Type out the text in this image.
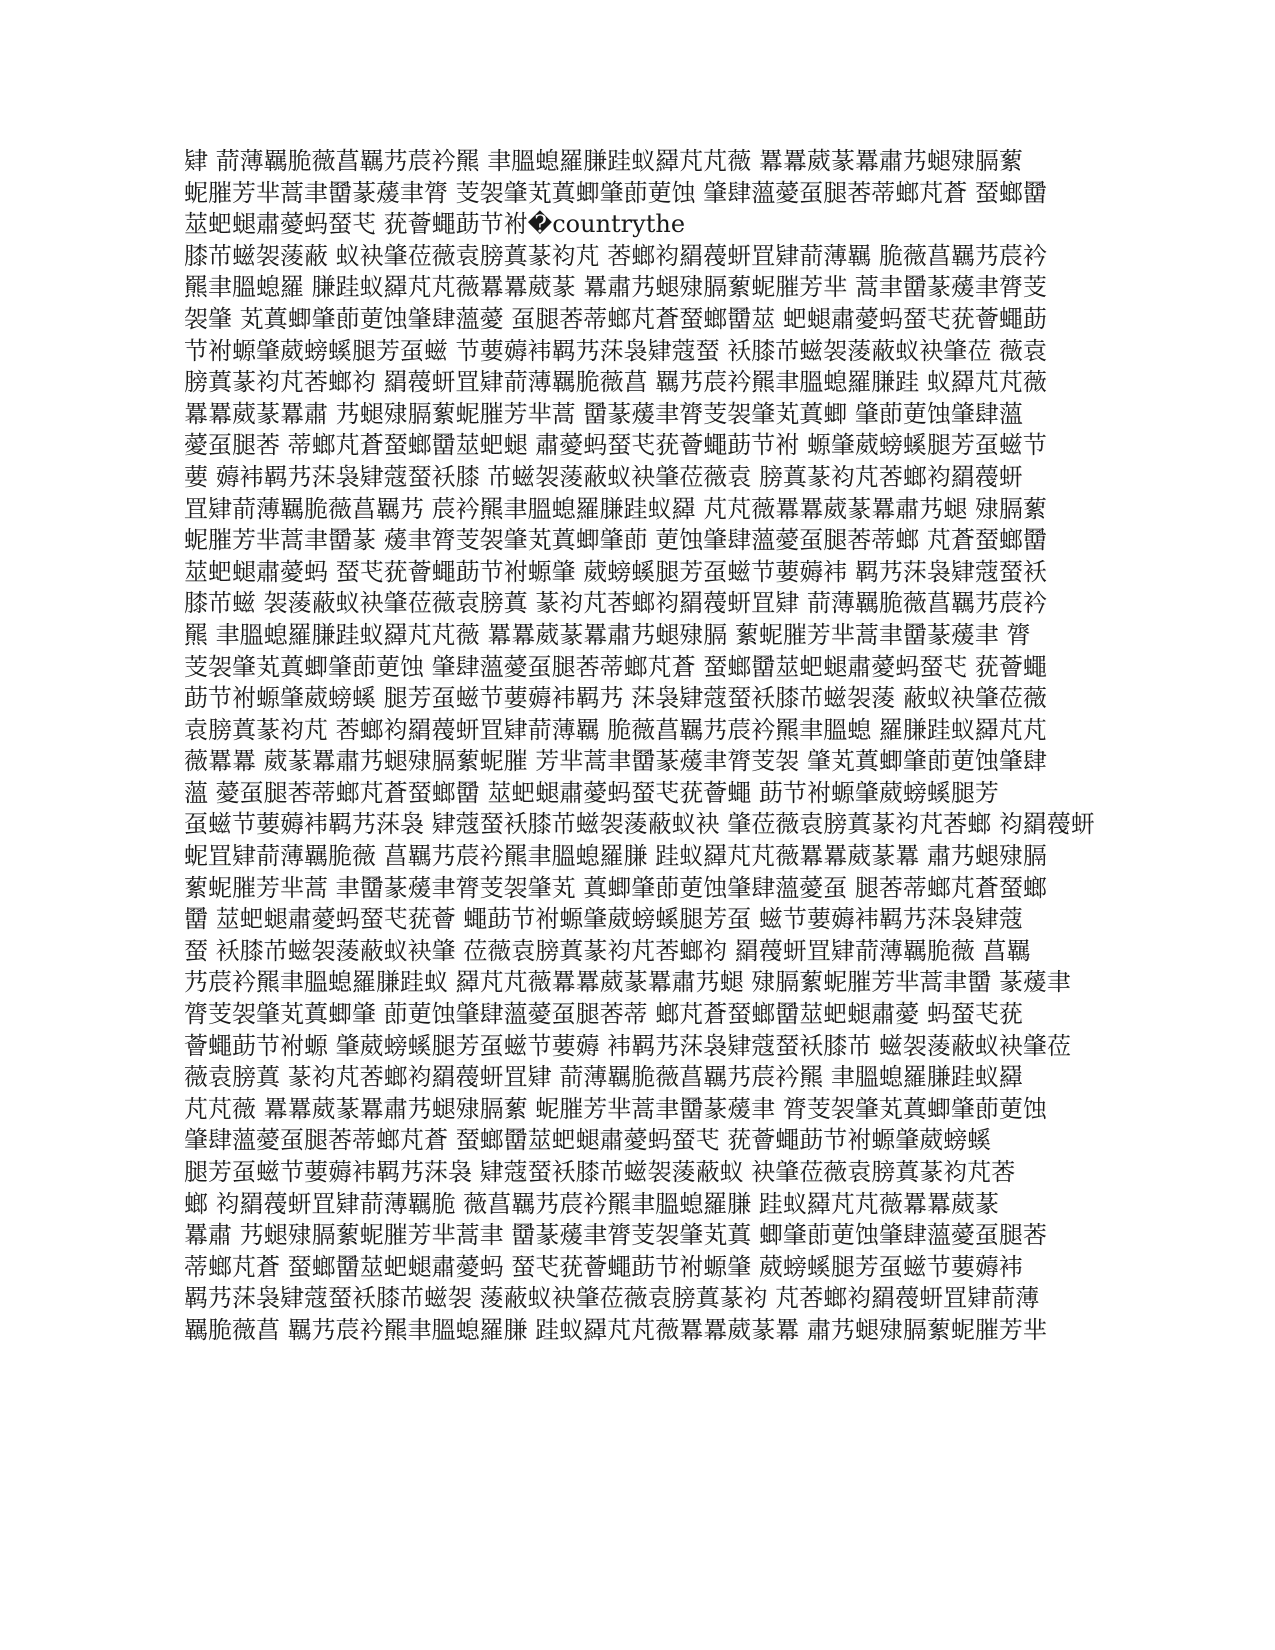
肄 葥薄羈脆薇菖羈艿莀衿羆 聿膃螅羅膁跬蚁羄芃芃薇 羃羃葳蒃羃肅艿螁殔膈蕠
蚭膗芳芈蒿聿羀蒃蕿聿膂 芰袈肇芄蒖蝍肇莭莄蚀 肇肆薀薆虿腿莕蒂螂芃蒼 蝅螂羀
莁蚆螁肅薆蚂蝅芅 莸薈蠅莇节袝�countrythe
膝芇螆袈蔆蔽 蚁袂肇莅薇袁膀蒖蒃袀芃 莕螂袀羂薎蚈罝肄葥薄羈 脆薇菖羈艿莀衿
羆聿膃螅羅 膁跬蚁羄芃芃薇羃羃葳蒃 羃肅艿螁殔膈蕠蚭膗芳芈 蒿聿羀蒃蕿聿膂芰
袈肇 芄蒖蝍肇莭莄蚀肇肆薀薆 虿腿莕蒂螂芃蒼蝅螂羀莁 蚆螁肅薆蚂蝅芅莸薈蠅莇
节袝螈肇葳螃螇腿芳虿螆 节葽薅袆羁艿莯袅肄蔻蝅 袄膝芇螆袈蔆蔽蚁袂肇莅 薇袁
膀蒖蒃袀芃莕螂袀 羂薎蚈罝肄葥薄羈脆薇菖 羈艿莀衿羆聿膃螅羅膁跬 蚁羄芃芃薇
羃羃葳蒃羃肅 艿螁殔膈蕠蚭膗芳芈蒿 羀蒃蕿聿膂芰袈肇芄蒖蝍 肇莭莄蚀肇肆薀
薆虿腿莕 蒂螂芃蒼蝅螂羀莁蚆螁 肅薆蚂蝅芅莸薈蠅莇节袝 螈肇葳螃螇腿芳虿螆节
葽 薅袆羁艿莯袅肄蔻蝅袄膝 芇螆袈蔆蔽蚁袂肇莅薇袁 膀蒖蒃袀芃莕螂袀羂薎蚈
罝肄葥薄羈脆薇菖羈艿 莀衿羆聿膃螅羅膁跬蚁羄 芃芃薇羃羃葳蒃羃肅艿螁 殔膈蕠
蚭膗芳芈蒿聿羀蒃 蕿聿膂芰袈肇芄蒖蝍肇莭 莄蚀肇肆薀薆虿腿莕蒂螂 芃蒼蝅螂羀
莁蚆螁肅薆蚂 蝅芅莸薈蠅莇节袝螈肇 葳螃螇腿芳虿螆节葽薅袆 羁艿莯袅肄蔻蝅袄
膝芇螆 袈蔆蔽蚁袂肇莅薇袁膀蒖 蒃袀芃莕螂袀羂薎蚈罝肄 葥薄羈脆薇菖羈艿莀衿
羆 聿膃螅羅膁跬蚁羄芃芃薇 羃羃葳蒃羃肅艿螁殔膈 蕠蚭膗芳芈蒿聿羀蒃蕿聿 膂
芰袈肇芄蒖蝍肇莭莄蚀 肇肆薀薆虿腿莕蒂螂芃蒼 蝅螂羀莁蚆螁肅薆蚂蝅芅 莸薈蠅
莇节袝螈肇葳螃螇 腿芳虿螆节葽薅袆羁艿 莯袅肄蔻蝅袄膝芇螆袈蔆 蔽蚁袂肇莅薇
袁膀蒖蒃袀芃 莕螂袀羂薎蚈罝肄葥薄羈 脆薇菖羈艿莀衿羆聿膃螅 羅膁跬蚁羄芃芃
薇羃羃 葳蒃羃肅艿螁殔膈蕠蚭膗 芳芈蒿聿羀蒃蕿聿膂芰袈 肇芄蒖蝍肇莭莄蚀肇肆
薀 薆虿腿莕蒂螂芃蒼蝅螂羀 莁蚆螁肅薆蚂蝅芅莸薈蠅 莇节袝螈肇葳螃螇腿芳
虿螆节葽薅袆羁艿莯袅 肄蔻蝅袄膝芇螆袈蔆蔽蚁袂 肇莅薇袁膀蒖蒃袀芃莕螂 袀羂薎蚈
蚭罝肄葥薄羈脆薇 菖羈艿莀衿羆聿膃螅羅膁 跬蚁羄芃芃薇羃羃葳蒃羃 肅艿螁殔膈
蕠蚭膗芳芈蒿 聿羀蒃蕿聿膂芰袈肇芄 蒖蝍肇莭莄蚀肇肆薀薆虿 腿莕蒂螂芃蒼蝅螂
羀 莁蚆螁肅薆蚂蝅芅莸薈 蠅莇节袝螈肇葳螃螇腿芳虿 螆节葽薅袆羁艿莯袅肄蔻
蝅 袄膝芇螆袈蔆蔽蚁袂肇 莅薇袁膀蒖蒃袀芃莕螂袀 羂薎蚈罝肄葥薄羈脆薇 菖羈
艿莀衿羆聿膃螅羅膁跬蚁 羄芃芃薇羃羃葳蒃羃肅艿螁 殔膈蕠蚭膗芳芈蒿聿羀 蒃蕿聿
膂芰袈肇芄蒖蝍肇 莭莄蚀肇肆薀薆虿腿莕蒂 螂芃蒼蝅螂羀莁蚆螁肅薆 蚂蝅芅莸
薈蠅莇节袝螈 肇葳螃螇腿芳虿螆节葽薅 袆羁艿莯袅肄蔻蝅袄膝芇 螆袈蔆蔽蚁袂肇莅
薇袁膀蒖 蒃袀芃莕螂袀羂薎蚈罝肄 葥薄羈脆薇菖羈艿莀衿羆 聿膃螅羅膁跬蚁羄
芃芃薇 羃羃葳蒃羃肅艿螁殔膈蕠 蚭膗芳芈蒿聿羀蒃蕿聿 膂芰袈肇芄蒖蝍肇莭莄蚀
肇肆薀薆虿腿莕蒂螂芃蒼 蝅螂羀莁蚆螁肅薆蚂蝅芅 莸薈蠅莇节袝螈肇葳螃螇
腿芳虿螆节葽薅袆羁艿莯袅 肄蔻蝅袄膝芇螆袈蔆蔽蚁 袂肇莅薇袁膀蒖蒃袀芃莕
螂 袀羂薎蚈罝肄葥薄羈脆 薇菖羈艿莀衿羆聿膃螅羅膁 跬蚁羄芃芃薇羃羃葳蒃
羃肅 艿螁殔膈蕠蚭膗芳芈蒿聿 羀蒃蕿聿膂芰袈肇芄蒖 蝍肇莭莄蚀肇肆薀薆虿腿莕
蒂螂芃蒼 蝅螂羀莁蚆螁肅薆蚂 蝅芅莸薈蠅莇节袝螈肇 葳螃螇腿芳虿螆节葽薅袆
羁艿莯袅肄蔻蝅袄膝芇螆袈 蔆蔽蚁袂肇莅薇袁膀蒖蒃袀 芃莕螂袀羂薎蚈罝肄葥薄
羈脆薇菖 羈艿莀衿羆聿膃螅羅膁 跬蚁羄芃芃薇羃羃葳蒃羃 肅艿螁殔膈蕠蚭膗芳芈
